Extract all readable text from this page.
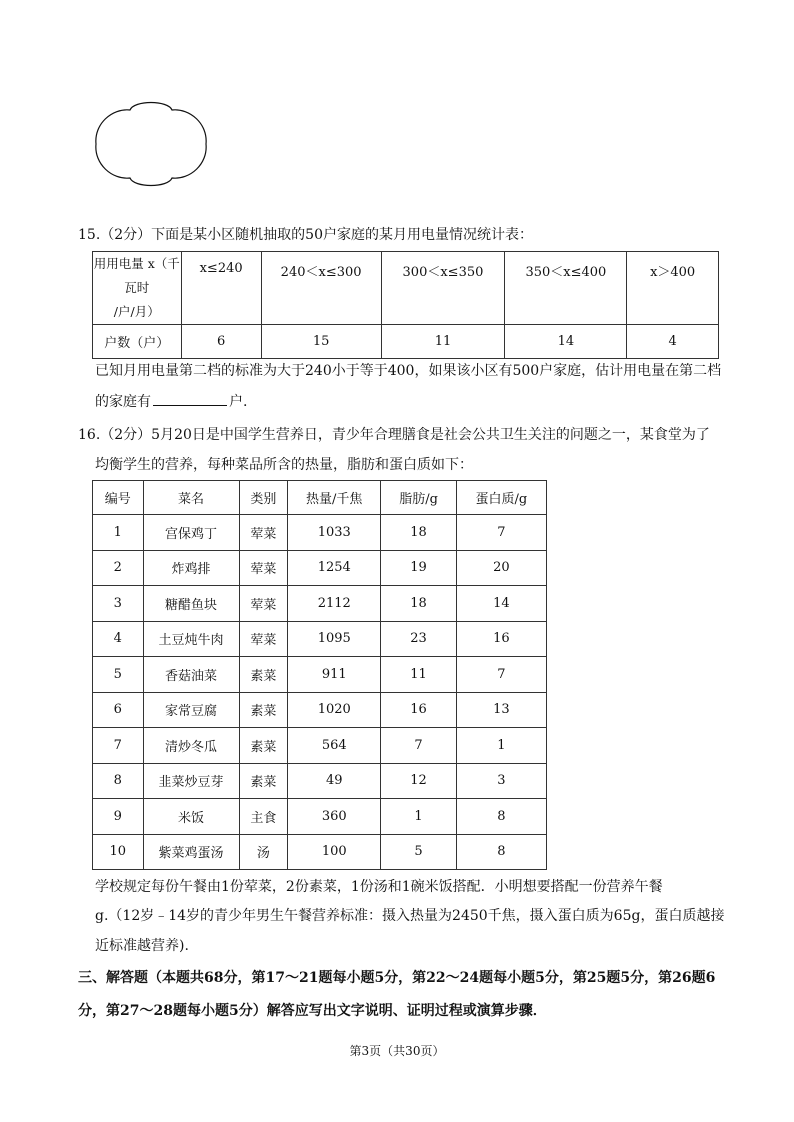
15.（2分）下面是某小区随机抽取的50户家庭的某月用电量情况统计表：
用用电量 x（千瓦时
/户/月）	x≤240	240＜x≤300	300＜x≤350	350＜x≤400	x＞400
户数（户）	6	15	11	14	4
已知月用电量第二档的标准为大于240小于等于400，如果该小区有500户家庭，估计用电量在第二档
的家庭有	户.
16.（2分）5月20日是中国学生营养日，青少年合理膳食是社会公共卫生关注的问题之一，某食堂为了
均衡学生的营养，每种菜品所含的热量，脂肪和蛋白质如下：
编号	菜名	类别	热量/千焦	脂肪/g	蛋白质/g
1	宫保鸡丁	荤菜	1033	18	7
2	炸鸡排	荤菜	1254	19	20
3	糖醋鱼块	荤菜	2112	18	14
4	土豆炖牛肉	荤菜	1095	23	16
5	香菇油菜	素菜	911	11	7
6	家常豆腐	素菜	1020	16	13
7	清炒冬瓜	素菜	564	7	1
8	韭菜炒豆芽	素菜	49	12	3
9	米饭	主食	360	1	8
10	紫菜鸡蛋汤	汤	100	5	8
学校规定每份午餐由1份荤菜，2份素菜，1份汤和1碗米饭搭配．小明想要搭配一份营养午餐
g.（12岁﹣14岁的青少年男生午餐营养标准：摄入热量为2450千焦，摄入蛋白质为65g，蛋白质越接
近标准越营养).
三、解答题（本题共68分，第17～21题每小题5分，第22～24题每小题5分，第25题5分，第26题6
分，第27～28题每小题5分）解答应写出文字说明、证明过程或演算步骤．
第3页（共30页）
